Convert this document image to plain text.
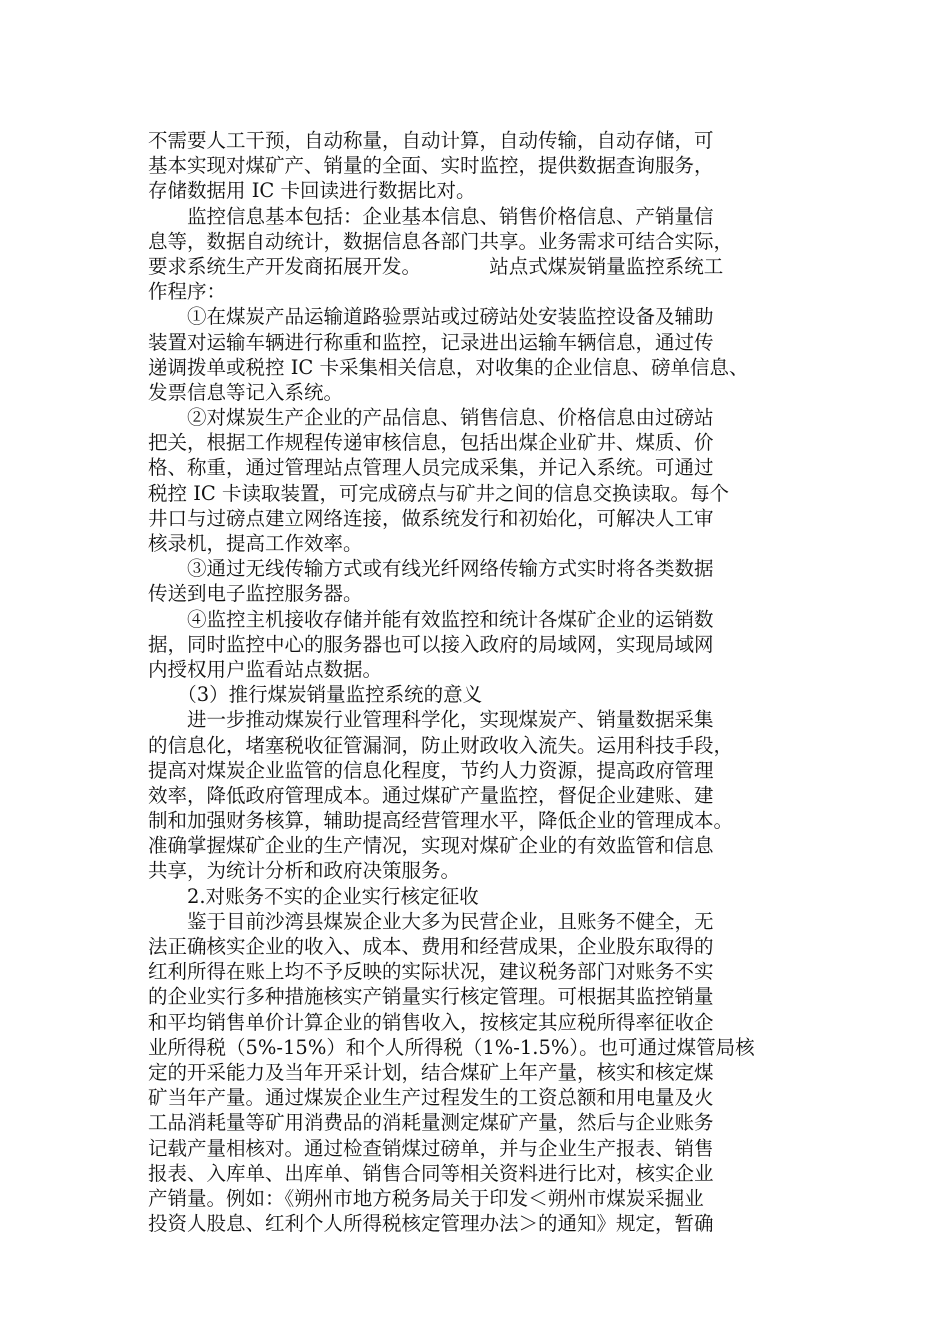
不需要人工干预，自动称量，自动计算，自动传输，自动存储，可
基本实现对煤矿产、销量的全面、实时监控，提供数据查询服务，
存储数据用 IC 卡回读进行数据比对。
　　监控信息基本包括：企业基本信息、销售价格信息、产销量信
息等，数据自动统计，数据信息各部门共享。业务需求可结合实际，
要求系统生产开发商拓展开发。　　　　站点式煤炭销量监控系统工
作程序：
　　①在煤炭产品运输道路验票站或过磅站处安装监控设备及辅助
装置对运输车辆进行称重和监控，记录进出运输车辆信息，通过传
递调拨单或税控 IC 卡采集相关信息，对收集的企业信息、磅单信息、
发票信息等记入系统。
　　②对煤炭生产企业的产品信息、销售信息、价格信息由过磅站
把关，根据工作规程传递审核信息，包括出煤企业矿井、煤质、价
格、称重，通过管理站点管理人员完成采集，并记入系统。可通过
税控 IC 卡读取装置，可完成磅点与矿井之间的信息交换读取。每个
井口与过磅点建立网络连接，做系统发行和初始化，可解决人工审
核录机，提高工作效率。
　　③通过无线传输方式或有线光纤网络传输方式实时将各类数据
传送到电子监控服务器。
　　④监控主机接收存储并能有效监控和统计各煤矿企业的运销数
据，同时监控中心的服务器也可以接入政府的局域网，实现局域网
内授权用户监看站点数据。
　　（3）推行煤炭销量监控系统的意义
　　进一步推动煤炭行业管理科学化，实现煤炭产、销量数据采集
的信息化，堵塞税收征管漏洞，防止财政收入流失。运用科技手段，
提高对煤炭企业监管的信息化程度，节约人力资源，提高政府管理
效率，降低政府管理成本。通过煤矿产量监控，督促企业建账、建
制和加强财务核算，辅助提高经营管理水平，降低企业的管理成本。
准确掌握煤矿企业的生产情况，实现对煤矿企业的有效监管和信息
共享，为统计分析和政府决策服务。
　　2.对账务不实的企业实行核定征收
　　鉴于目前沙湾县煤炭企业大多为民营企业，且账务不健全，无
法正确核实企业的收入、成本、费用和经营成果，企业股东取得的
红利所得在账上均不予反映的实际状况，建议税务部门对账务不实
的企业实行多种措施核实产销量实行核定管理。可根据其监控销量
和平均销售单价计算企业的销售收入，按核定其应税所得率征收企
业所得税（5%-15%）和个人所得税（1%-1.5%）。也可通过煤管局核
定的开采能力及当年开采计划，结合煤矿上年产量，核实和核定煤
矿当年产量。通过煤炭企业生产过程发生的工资总额和用电量及火
工品消耗量等矿用消费品的消耗量测定煤矿产量，然后与企业账务
记载产量相核对。通过检查销煤过磅单，并与企业生产报表、销售
报表、入库单、出库单、销售合同等相关资料进行比对，核实企业
产销量。例如：《朔州市地方税务局关于印发＜朔州市煤炭采掘业
投资人股息、红利个人所得税核定管理办法＞的通知》规定，暂确
